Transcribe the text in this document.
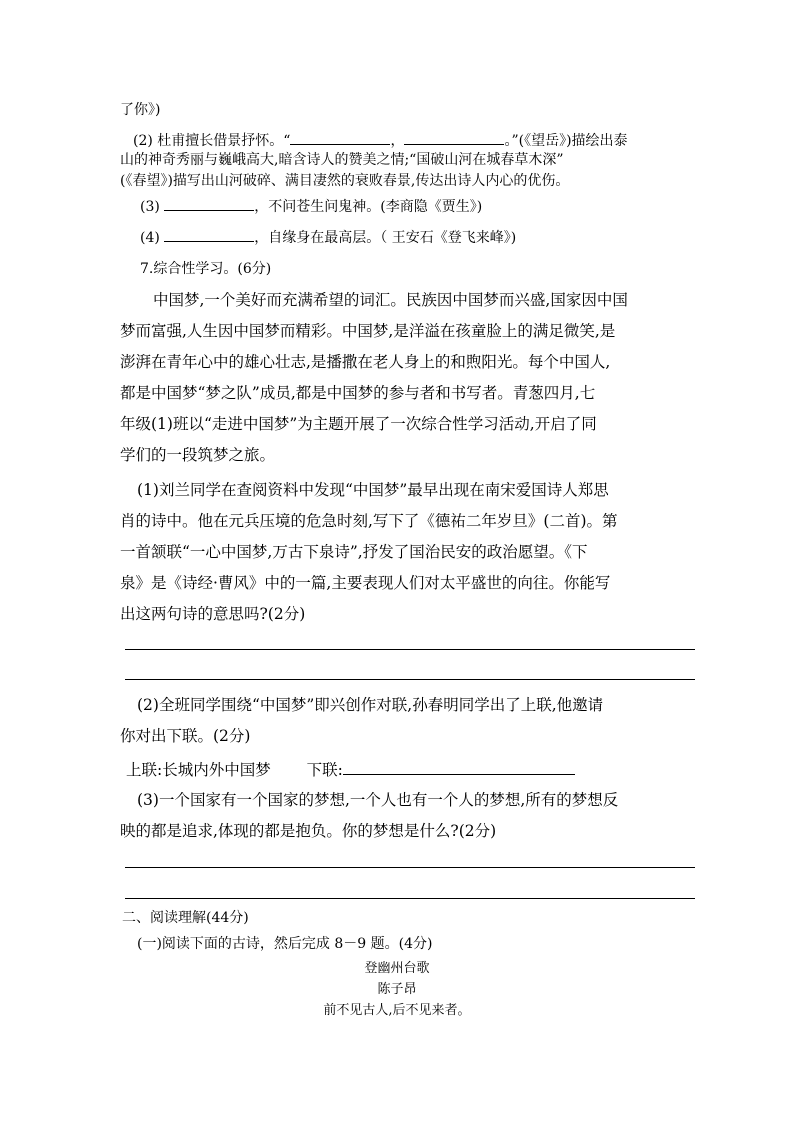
了你》)
(2) 杜甫擅长借景抒怀。“	，	。”(《望岳》)描绘出泰
山的神奇秀丽与巍峨高大,暗含诗人的赞美之情;“国破山河在城春草木深”
(《春望》)描写出山河破碎、满目凄然的衰败春景,传达出诗人内心的优伤。
(3)	，不问苍生问鬼神。(李商隐《贾生》)
(4)	，自缘身在最高层。（ 王安石《登飞来峰》)
7.综合性学习。(6分)
中国梦,一个美好而充满希望的词汇。民族因中国梦而兴盛,国家因中国
梦而富强,人生因中国梦而精彩。中国梦,是洋溢在孩童脸上的满足微笑,是
澎湃在青年心中的雄心壮志,是播撒在老人身上的和煦阳光。每个中国人,
都是中国梦“梦之队”成员,都是中国梦的参与者和书写者。青葱四月,七
年级(1)班以“走进中国梦”为主题开展了一次综合性学习活动,开启了同
学们的一段筑梦之旅。
(1)刘兰同学在查阅资料中发现“中国梦”最早出现在南宋爱国诗人郑思
肖的诗中。他在元兵压境的危急时刻,写下了《德祐二年岁旦》(二首)。第
一首颔联“一心中国梦,万古下泉诗”,抒发了国治民安的政治愿望。《下
泉》是《诗经·曹风》中的一篇,主要表现人们对太平盛世的向往。你能写
出这两句诗的意思吗?(2分)
(2)全班同学围绕“中国梦”即兴创作对联,孙春明同学出了上联,他邀请
你对出下联。(2分)
上联:长城内外中国梦 下联:
(3)一个国家有一个国家的梦想,一个人也有一个人的梦想,所有的梦想反
映的都是追求,体现的都是抱负。你的梦想是什么?(2分)
二、阅读理解(44分)
(一)阅读下面的古诗，然后完成 8－9 题。(4分)
登幽州台歌
陈子昂
前不见古人,后不见来者。
